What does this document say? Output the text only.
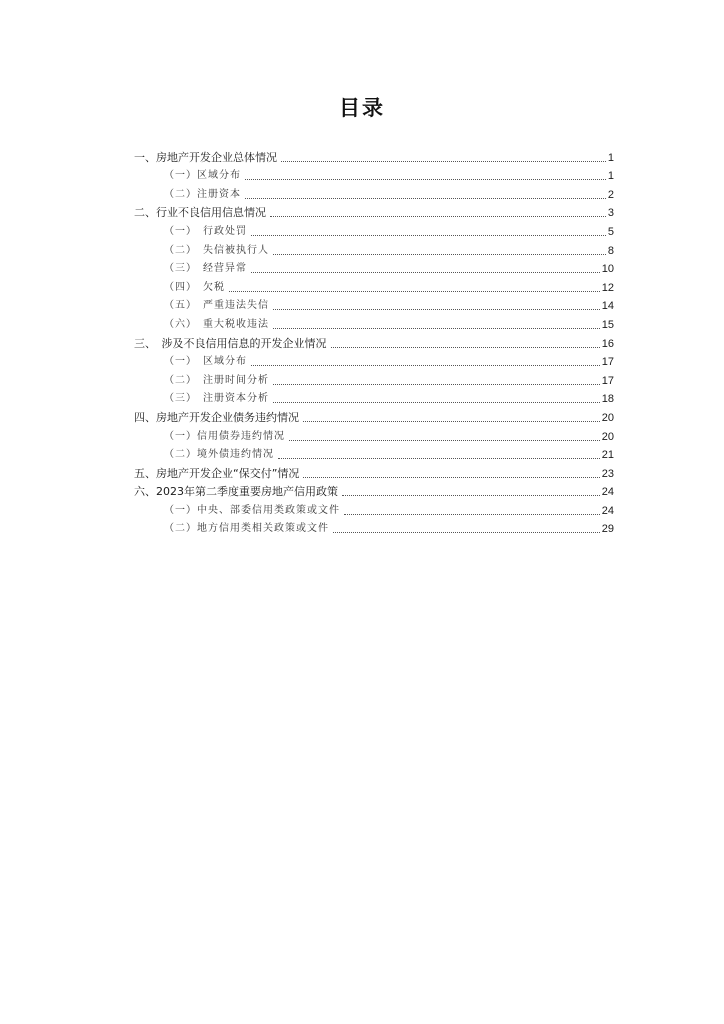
目录
一、房地产开发企业总体情况	1
（一）区域分布	1
（二）注册资本	2
二、行业不良信用信息情况	3
（一）　行政处罚	5
（二）　失信被执行人	8
（三）　经营异常	10
（四）　欠税	12
（五）　严重违法失信	14
（六）　重大税收违法	15
三、　涉及不良信用信息的开发企业情况	16
（一）　区域分布	17
（二）　注册时间分析	17
（三）　注册资本分析	18
四、房地产开发企业债务违约情况	20
（一）信用债券违约情况	20
（二）境外债违约情况	21
五、房地产开发企业“保交付”情况	23
六、2023年第二季度重要房地产信用政策	24
（一）中央、部委信用类政策或文件	24
（二）地方信用类相关政策或文件	29
